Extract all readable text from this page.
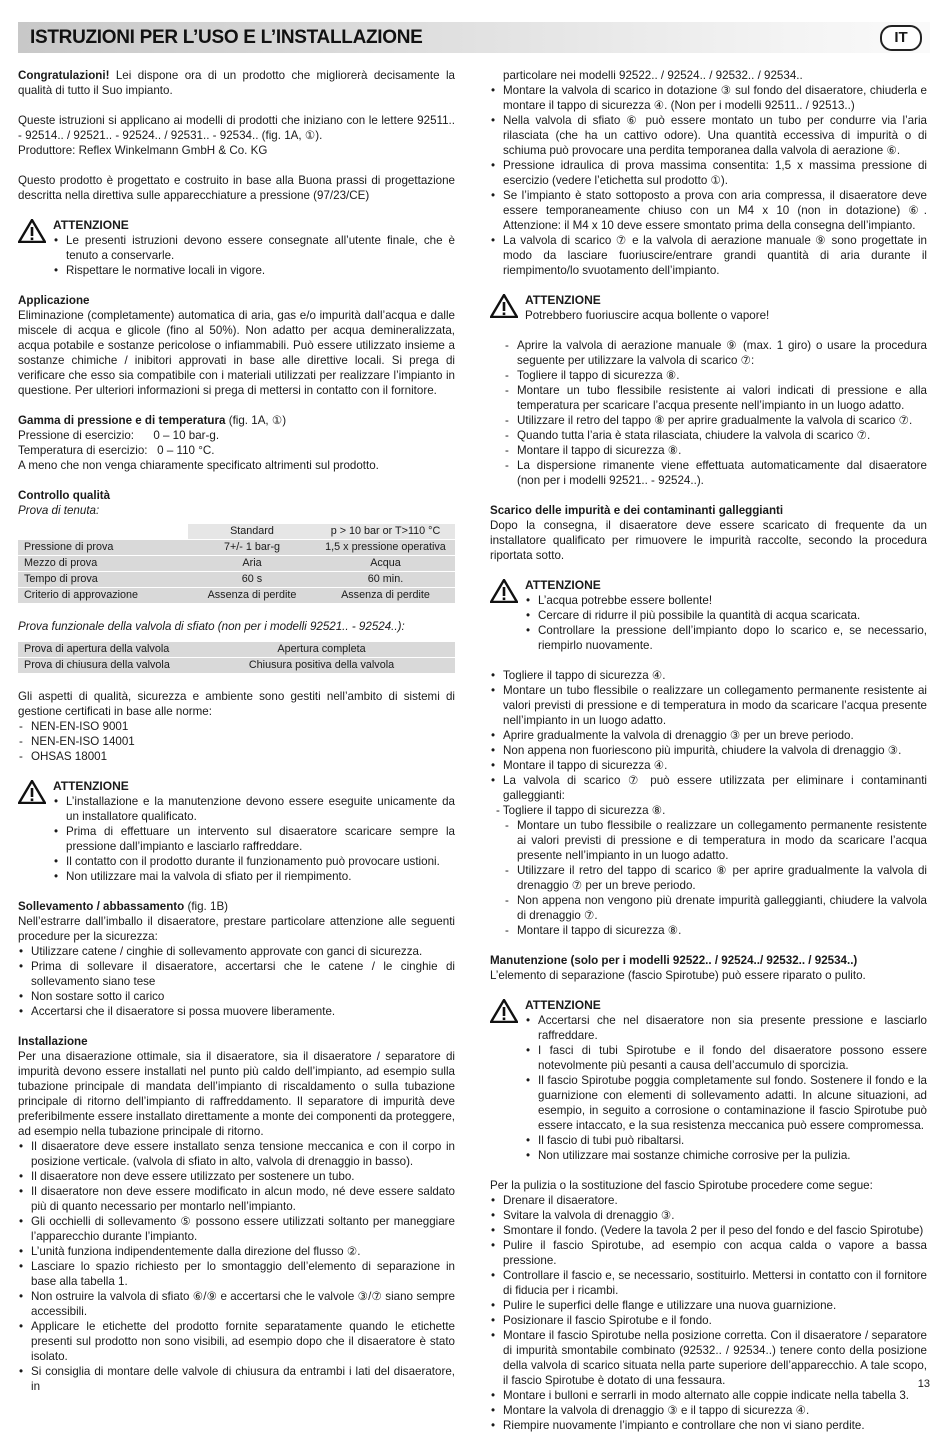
ISTRUZIONI PER L’USO E L’INSTALLAZIONE	IT

Congratulazioni! Lei dispone ora di un prodotto che migliorerà decisamente la qualità di tutto il Suo impianto.

Queste istruzioni si applicano ai modelli di prodotti che iniziano con le lettere 92511.. - 92514.. / 92521.. - 92524.. / 92531.. - 92534.. (fig. 1A, ①).

Produttore: Reflex Winkelmann GmbH & Co. KG

Questo prodotto è progettato e costruito in base alla Buona prassi di progettazione descritta nella direttiva sulle apparecchiature a pressione (97/23/CE)

ATTENZIONE
• Le presenti istruzioni devono essere consegnate all’utente finale, che è tenuto a conservarle.
• Rispettare le normative locali in vigore.
Applicazione

Eliminazione (completamente) automatica di aria, gas e/o impurità dall’acqua e dalle miscele di acqua e glicole (fino al 50%). Non adatto per acqua demineralizzata, acqua potabile e sostanze pericolose o infiammabili. Può essere utilizzato insieme a sostanze chimiche / inibitori approvati in base alle direttive locali. Si prega di verificare che esso sia compatibile con i materiali utilizzati per realizzare l’impianto in questione. Per ulteriori informazioni si prega di mettersi in contatto con il fornitore.

Gamma di pressione e di temperatura (fig. 1A, ①)

Pressione di esercizio:      0 – 10 bar-g.

Temperatura di esercizio:   0 – 110 °C.

A meno che non venga chiaramente specificato altrimenti sul prodotto.

Controllo qualità

Prova di tenuta:

	Standard	p > 10 bar or T>110 °C
Pressione di prova	7+/- 1 bar-g	1,5 x pressione operativa
Mezzo di prova	Aria	Acqua
Tempo di prova	60 s	60 min.
Criterio di approvazione	Assenza di perdite	Assenza di perdite

Prova funzionale della valvola di sfiato (non per i modelli 92521.. - 92524..):

Prova di apertura della valvola	Apertura completa
Prova di chiusura della valvola	Chiusura positiva della valvola

Gli aspetti di qualità, sicurezza e ambiente sono gestiti nell’ambito di sistemi di gestione certificati in base alle norme:

- NEN-EN-ISO 9001
- NEN-EN-ISO 14001
- OHSAS 18001
ATTENZIONE
• L’installazione e la manutenzione devono essere eseguite unicamente da un installatore qualificato.
• Prima di effettuare un intervento sul disaeratore scaricare sempre la pressione dall’impianto e lasciarlo raffreddare.
• Il contatto con il prodotto durante il funzionamento può provocare ustioni.
• Non utilizzare mai la valvola di sfiato per il riempimento.
Sollevamento / abbassamento (fig. 1B)

Nell’estrarre dall’imballo il disaeratore, prestare particolare attenzione alle seguenti procedure per la sicurezza:

• Utilizzare catene / cinghie di sollevamento approvate con ganci di sicurezza.
• Prima di sollevare il disaeratore, accertarsi che le catene / le cinghie di sollevamento siano tese
• Non sostare sotto il carico
• Accertarsi che il disaeratore si possa muovere liberamente.
Installazione

Per una disaerazione ottimale, sia il disaeratore, sia il disaeratore / separatore di impurità devono essere installati nel punto più caldo dell’impianto, ad esempio sulla tubazione principale di mandata dell’impianto di riscaldamento o sulla tubazione principale di ritorno dell’impianto di raffreddamento. Il separatore di impurità deve preferibilmente essere installato direttamente a monte dei componenti da proteggere, ad esempio nella tubazione principale di ritorno.

• Il disaeratore deve essere installato senza tensione meccanica e con il corpo in posizione verticale. (valvola di sfiato in alto, valvola di drenaggio in basso).
• Il disaeratore non deve essere utilizzato per sostenere un tubo.
• Il disaeratore non deve essere modificato in alcun modo, né deve essere saldato più di quanto necessario per montarlo nell’impianto.
• Gli occhielli di sollevamento ⑤ possono essere utilizzati soltanto per maneggiare l’apparecchio durante l’impianto.
• L’unità funziona indipendentemente dalla direzione del flusso ②.
• Lasciare lo spazio richiesto per lo smontaggio dell’elemento di separazione in base alla tabella 1.
• Non ostruire la valvola di sfiato ⑥/⑨ e accertarsi che le valvole ③/⑦ siano sempre accessibili.
• Applicare le etichette del prodotto fornite separatamente quando le etichette presenti sul prodotto non sono visibili, ad esempio dopo che il disaeratore è stato isolato.
• Si consiglia di montare delle valvole di chiusura da entrambi i lati del disaeratore, in

particolare nei modelli 92522.. / 92524.. / 92532.. / 92534..

• Montare la valvola di scarico in dotazione ③ sul fondo del disaeratore, chiuderla e montare il tappo di sicurezza ④. (Non per i modelli 92511.. / 92513..)
• Nella valvola di sfiato ⑥ può essere montato un tubo per condurre via l’aria rilasciata (che ha un cattivo odore). Una quantità eccessiva di impurità o di schiuma può provocare una perdita temporanea dalla valvola di aerazione ⑥.
• Pressione idraulica di prova massima consentita: 1,5 x massima pressione di esercizio (vedere l’etichetta sul prodotto ①).
• Se l’impianto è stato sottoposto a prova con aria compressa, il disaeratore deve essere temporaneamente chiuso con un M4 x 10 (non in dotazione) ⑥. Attenzione: il M4 x 10 deve essere smontato prima della consegna dell’impianto.
• La valvola di scarico ⑦ e la valvola di aerazione manuale ⑨ sono progettate in modo da lasciare fuoriuscire/entrare grandi quantità di aria durante il riempimento/lo svuotamento dell’impianto.
ATTENZIONE
Potrebbero fuoriuscire acqua bollente o vapore!
- Aprire la valvola di aerazione manuale ⑨ (max. 1 giro) o usare la procedura seguente per utilizzare la valvola di scarico ⑦:
- Togliere il tappo di sicurezza ⑧.
- Montare un tubo flessibile resistente ai valori indicati di pressione e alla temperatura per scaricare l’acqua presente nell’impianto in un luogo adatto.
- Utilizzare il retro del tappo ⑧ per aprire gradualmente la valvola di scarico ⑦.
- Quando tutta l’aria è stata rilasciata, chiudere la valvola di scarico ⑦.
- Montare il tappo di sicurezza ⑧.
- La dispersione rimanente viene effettuata automaticamente dal disaeratore (non per i modelli 92521.. - 92524..).
Scarico delle impurità e dei contaminanti galleggianti

Dopo la consegna, il disaeratore deve essere scaricato di frequente da un installatore qualificato per rimuovere le impurità raccolte, secondo la procedura riportata sotto.

ATTENZIONE
• L’acqua potrebbe essere bollente!
• Cercare di ridurre il più possibile la quantità di acqua scaricata.
• Controllare la pressione dell’impianto dopo lo scarico e, se necessario, riempirlo nuovamente.
• Togliere il tappo di sicurezza ④.
• Montare un tubo flessibile o realizzare un collegamento permanente resistente ai valori previsti di pressione e di temperatura in modo da scaricare l’acqua presente nell’impianto in un luogo adatto.
• Aprire gradualmente la valvola di drenaggio ③ per un breve periodo.
• Non appena non fuoriescono più impurità, chiudere la valvola di drenaggio ③.
• Montare il tappo di sicurezza ④.
• La valvola di scarico ⑦ può essere utilizzata per eliminare i contaminanti galleggianti:
- Togliere il tappo di sicurezza ⑧.
- Montare un tubo flessibile o realizzare un collegamento permanente resistente ai valori previsti di pressione e di temperatura in modo da scaricare l’acqua presente nell’impianto in un luogo adatto.
- Utilizzare il retro del tappo di scarico ⑧ per aprire gradualmente la valvola di drenaggio ⑦ per un breve periodo.
- Non appena non vengono più drenate impurità galleggianti, chiudere la valvola di drenaggio ⑦.
- Montare il tappo di sicurezza ⑧.
Manutenzione (solo per i modelli 92522.. / 92524../ 92532.. / 92534..)

L’elemento di separazione (fascio Spirotube) può essere riparato o pulito.

ATTENZIONE
• Accertarsi che nel disaeratore non sia presente pressione e lasciarlo raffreddare.
• I fasci di tubi Spirotube e il fondo del disaeratore possono essere notevolmente più pesanti a causa dell’accumulo di sporcizia.
• Il fascio Spirotube poggia completamente sul fondo. Sostenere il fondo e la guarnizione con elementi di sollevamento adatti. In alcune situazioni, ad esempio, in seguito a corrosione o contaminazione il fascio Spirotube può essere intaccato, e la sua resistenza meccanica può essere compromessa.
• Il fascio di tubi può ribaltarsi.
• Non utilizzare mai sostanze chimiche corrosive per la pulizia.

Per la pulizia o la sostituzione del fascio Spirotube procedere come segue:

• Drenare il disaeratore.
• Svitare la valvola di drenaggio ③.
• Smontare il fondo. (Vedere la tavola 2 per il peso del fondo e del fascio Spirotube)
• Pulire il fascio Spirotube, ad esempio con acqua calda o vapore a bassa pressione.
• Controllare il fascio e, se necessario, sostituirlo. Mettersi in contatto con il fornitore di fiducia per i ricambi.
• Pulire le superfici delle flange e utilizzare una nuova guarnizione.
• Posizionare il fascio Spirotube e il fondo.
• Montare il fascio Spirotube nella posizione corretta. Con il disaeratore / separatore di impurità smontabile combinato (92532.. / 92534..) tenere conto della posizione della valvola di scarico situata nella parte superiore dell’apparecchio. A tale scopo, il fascio Spirotube è dotato di una fessaura.
• Montare i bulloni e serrarli in modo alternato alle coppie indicate nella tabella 3.
• Montare la valvola di drenaggio ③ e il tappo di sicurezza ④.
• Riempire nuovamente l’impianto e controllare che non vi siano perdite.
13
